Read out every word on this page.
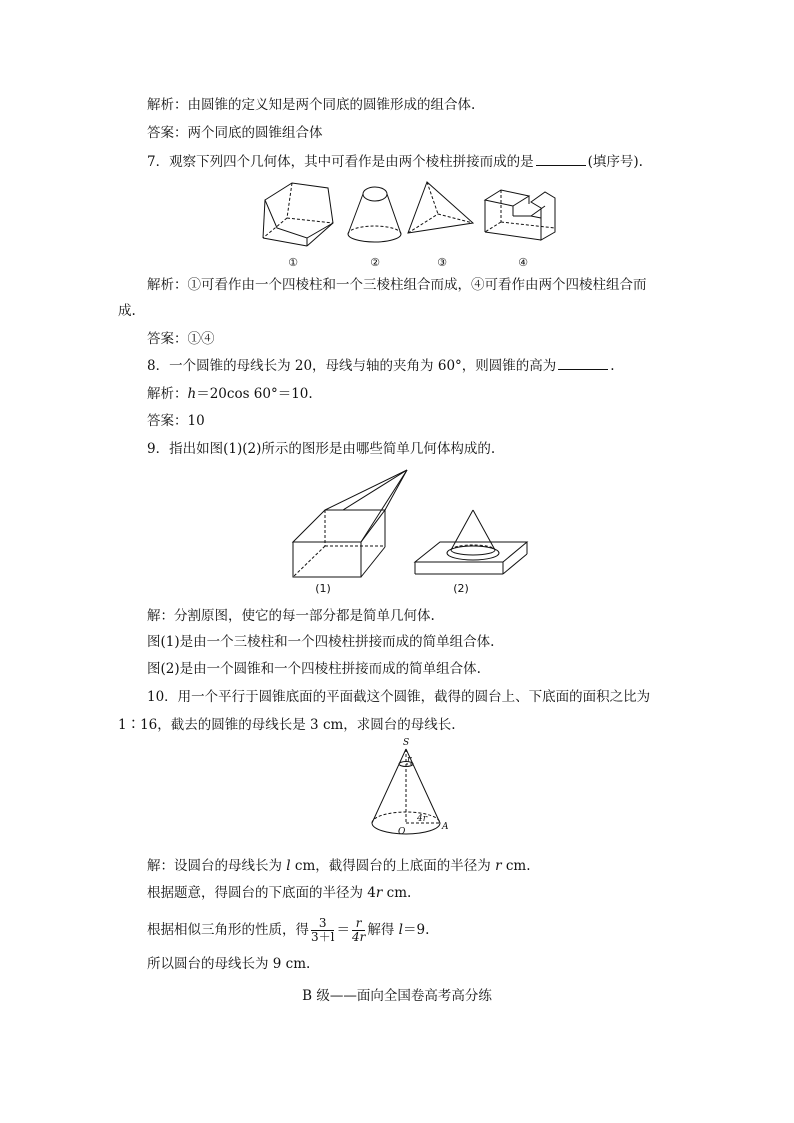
解析：由圆锥的定义知是两个同底的圆锥形成的组合体.
答案：两个同底的圆锥组合体
7．观察下列四个几何体，其中可看作是由两个棱柱拼接而成的是	(填序号).
①	②	③	④
解析：①可看作由一个四棱柱和一个三棱柱组合而成，④可看作由两个四棱柱组合而
成.
答案：①④
8．一个圆锥的母线长为 20，母线与轴的夹角为 60°，则圆锥的高为	.
解析：h＝20cos 60°＝10.
答案：10
9．指出如图(1)(2)所示的图形是由哪些简单几何体构成的.
(1)	(2)
解：分割原图，使它的每一部分都是简单几何体.
图(1)是由一个三棱柱和一个四棱柱拼接而成的简单组合体.
图(2)是由一个圆锥和一个四棱柱拼接而成的简单组合体.
10．用一个平行于圆锥底面的平面截这个圆锥，截得的圆台上、下底面的面积之比为
1∶16，截去的圆锥的母线长是 3 cm，求圆台的母线长.
S
r
4r
O	A
解：设圆台的母线长为 l cm，截得圆台的上底面的半径为 r cm.
根据题意，得圆台的下底面的半径为 4r cm.
根据相似三角形的性质，得 $\frac{3}{3+l} = \frac{r}{4r}$ 解得 l＝9.
所以圆台的母线长为 9 cm.
B 级——面向全国卷高考高分练
